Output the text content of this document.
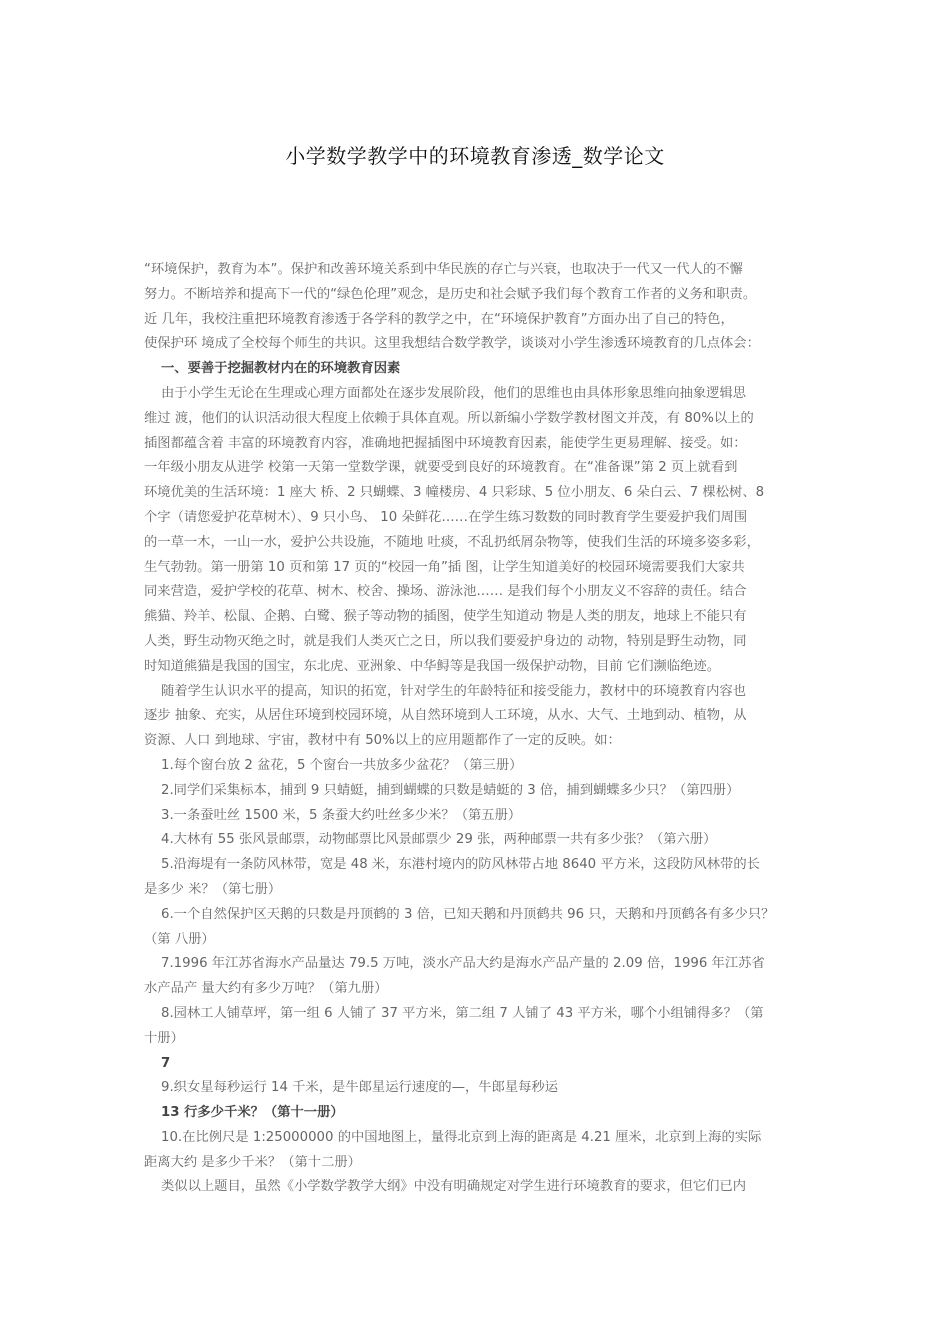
小学数学教学中的环境教育渗透_数学论文
“环境保护，教育为本”。保护和改善环境关系到中华民族的存亡与兴衰，也取决于一代又一代人的不懈
努力。不断培养和提高下一代的“绿色伦理”观念，是历史和社会赋予我们每个教育工作者的义务和职责。
近 几年，我校注重把环境教育渗透于各学科的教学之中，在“环境保护教育”方面办出了自己的特色，
使保护环 境成了全校每个师生的共识。这里我想结合数学教学，谈谈对小学生渗透环境教育的几点体会：
一、要善于挖掘教材内在的环境教育因素
由于小学生无论在生理或心理方面都处在逐步发展阶段，他们的思维也由具体形象思维向抽象逻辑思
维过 渡，他们的认识活动很大程度上依赖于具体直观。所以新编小学数学教材图文并茂，有 80%以上的
插图都蕴含着 丰富的环境教育内容，准确地把握插图中环境教育因素，能使学生更易理解、接受。如：
一年级小朋友从进学 校第一天第一堂数学课，就要受到良好的环境教育。在“准备课”第 2 页上就看到
环境优美的生活环境：1 座大 桥、2 只蝴蝶、3 幢楼房、4 只彩球、5 位小朋友、6 朵白云、7 棵松树、8
个字（请您爱护花草树木）、9 只小鸟、 10 朵鲜花……在学生练习数数的同时教育学生要爱护我们周围
的一草一木，一山一水，爱护公共设施，不随地 吐痰，不乱扔纸屑杂物等，使我们生活的环境多姿多彩，
生气勃勃。第一册第 10 页和第 17 页的“校园一角”插 图，让学生知道美好的校园环境需要我们大家共
同来营造，爱护学校的花草、树木、校舍、操场、游泳池…… 是我们每个小朋友义不容辞的责任。结合
熊猫、羚羊、松鼠、企鹅、白鹭、猴子等动物的插图，使学生知道动 物是人类的朋友，地球上不能只有
人类，野生动物灭绝之时，就是我们人类灭亡之日，所以我们要爱护身边的 动物，特别是野生动物，同
时知道熊猫是我国的国宝，东北虎、亚洲象、中华鲟等是我国一级保护动物，目前 它们濒临绝迹。
随着学生认识水平的提高，知识的拓宽，针对学生的年龄特征和接受能力，教材中的环境教育内容也
逐步 抽象、充实，从居住环境到校园环境，从自然环境到人工环境，从水、大气、土地到动、植物，从
资源、人口 到地球、宇宙，教材中有 50%以上的应用题都作了一定的反映。如：
1.每个窗台放 2 盆花，5 个窗台一共放多少盆花？（第三册）
2.同学们采集标本，捕到 9 只蜻蜓，捕到蝴蝶的只数是蜻蜓的 3 倍，捕到蝴蝶多少只？（第四册）
3.一条蚕吐丝 1500 米，5 条蚕大约吐丝多少米？（第五册）
4.大林有 55 张风景邮票，动物邮票比风景邮票少 29 张，两种邮票一共有多少张？（第六册）
5.沿海堤有一条防风林带，宽是 48 米，东港村境内的防风林带占地 8640 平方米，这段防风林带的长
是多少 米？（第七册）
6.一个自然保护区天鹅的只数是丹顶鹤的 3 倍，已知天鹅和丹顶鹤共 96 只，天鹅和丹顶鹤各有多少只？
（第 八册）
7.1996 年江苏省海水产品量达 79.5 万吨，淡水产品大约是海水产品产量的 2.09 倍，1996 年江苏省
水产品产 量大约有多少万吨？（第九册）
8.园林工人铺草坪，第一组 6 人铺了 37 平方米，第二组 7 人铺了 43 平方米，哪个小组铺得多？（第
十册）
7
9.织女星每秒运行 14 千米，是牛郎星运行速度的—，牛郎星每秒运
13 行多少千米？（第十一册）
10.在比例尺是 1:25000000 的中国地图上，量得北京到上海的距离是 4.21 厘米，北京到上海的实际
距离大约 是多少千米？（第十二册）
类似以上题目，虽然《小学数学教学大纲》中没有明确规定对学生进行环境教育的要求，但它们已内
